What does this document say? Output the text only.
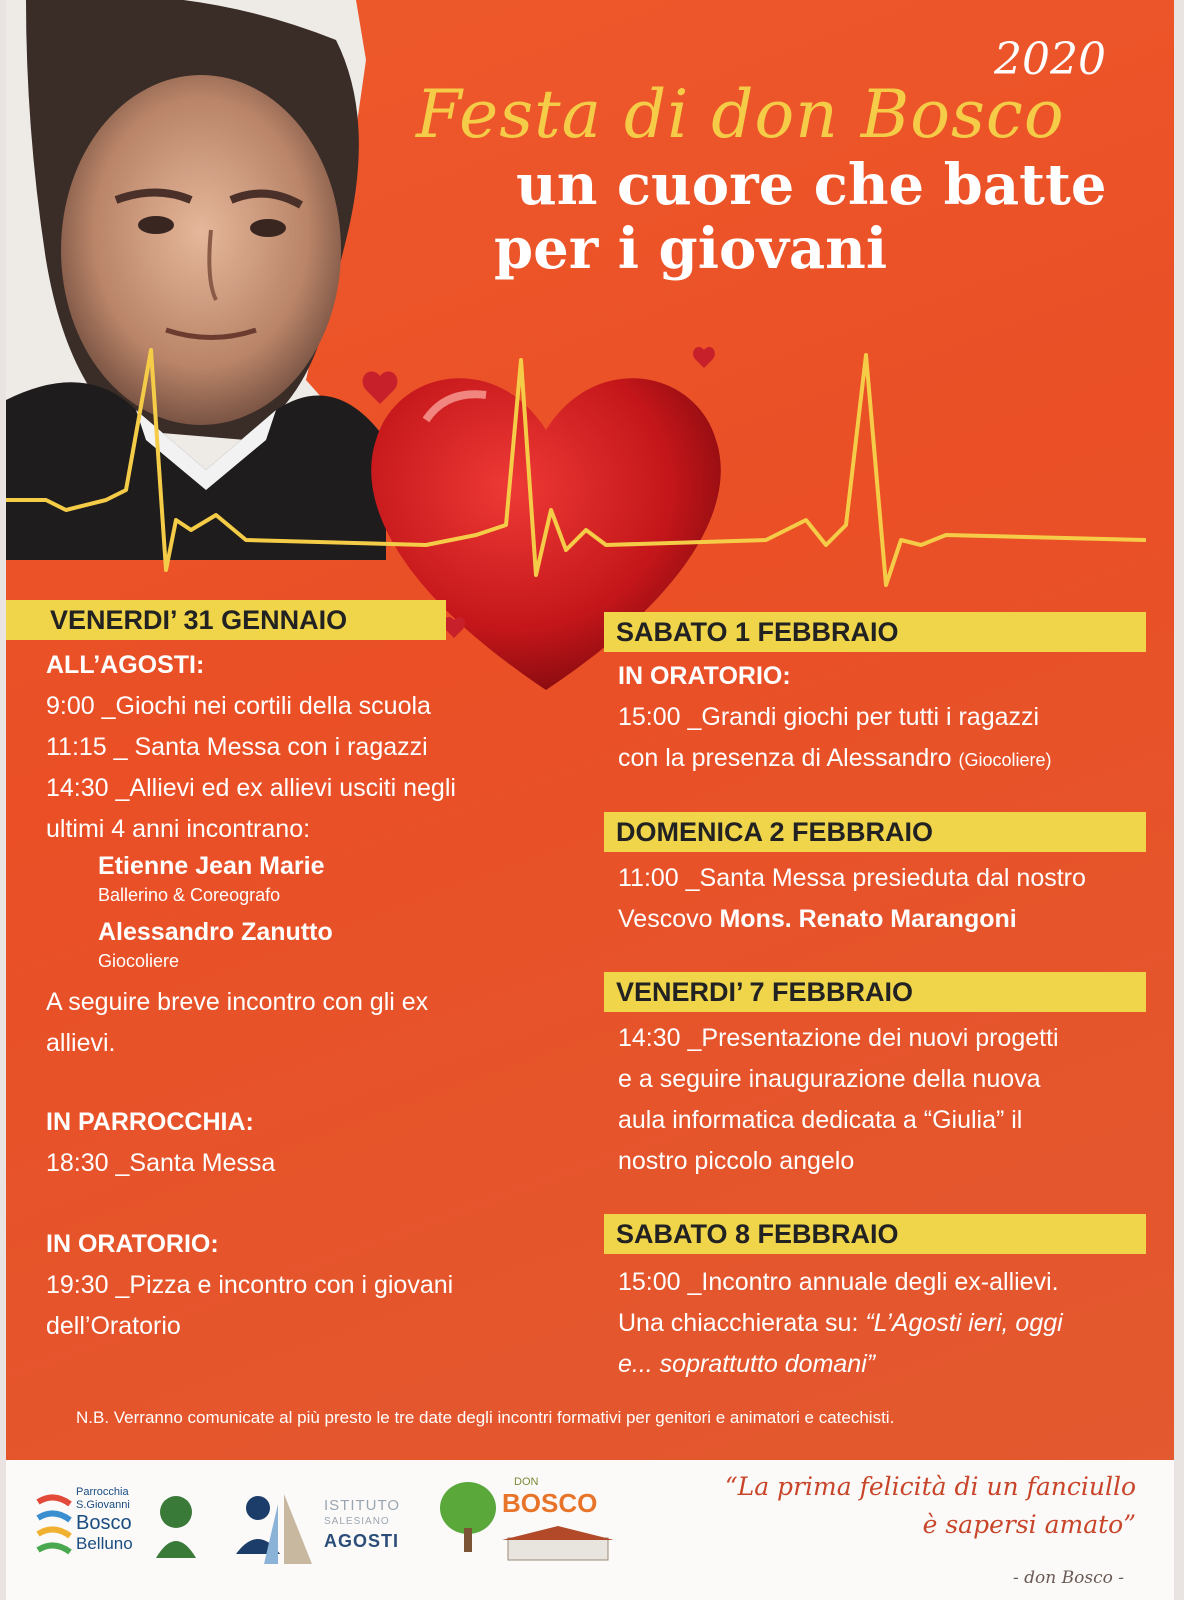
2020
Festa di don Bosco
un cuore che batte
per i giovani
VENERDI’ 31 GENNAIO
ALL’AGOSTI:
9:00 _Giochi nei cortili della scuola
11:15 _ Santa Messa con i ragazzi
14:30 _Allievi ed ex allievi usciti negli
ultimi 4 anni incontrano:
Etienne Jean Marie
Ballerino & Coreografo
Alessandro Zanutto
Giocoliere
A seguire breve incontro con gli ex
allievi.
IN PARROCCHIA:
18:30 _Santa Messa
IN ORATORIO:
19:30 _Pizza e incontro con i giovani
dell’Oratorio
SABATO 1 FEBBRAIO
IN ORATORIO:
15:00 _Grandi giochi per tutti i ragazzi
con la presenza di Alessandro (Giocoliere)
DOMENICA 2 FEBBRAIO
11:00 _Santa Messa presieduta dal nostro
Vescovo Mons. Renato Marangoni
VENERDI’ 7 FEBBRAIO
14:30 _Presentazione dei nuovi progetti
e a seguire inaugurazione della nuova
aula informatica dedicata a “Giulia” il
nostro piccolo angelo
SABATO 8 FEBBRAIO
15:00 _Incontro annuale degli ex-allievi.
Una chiacchierata su: “L’Agosti ieri, oggi
e... soprattutto domani”
N.B. Verranno comunicate al più presto le tre date degli incontri formativi per genitori e animatori e catechisti.
Parrocchia
S.Giovanni
Bosco
Belluno
ISTITUTO
SALESIANO
AGOSTI
DON
BOSCO
“La prima felicità di un fanciullo
è sapersi amato”
- don Bosco -
